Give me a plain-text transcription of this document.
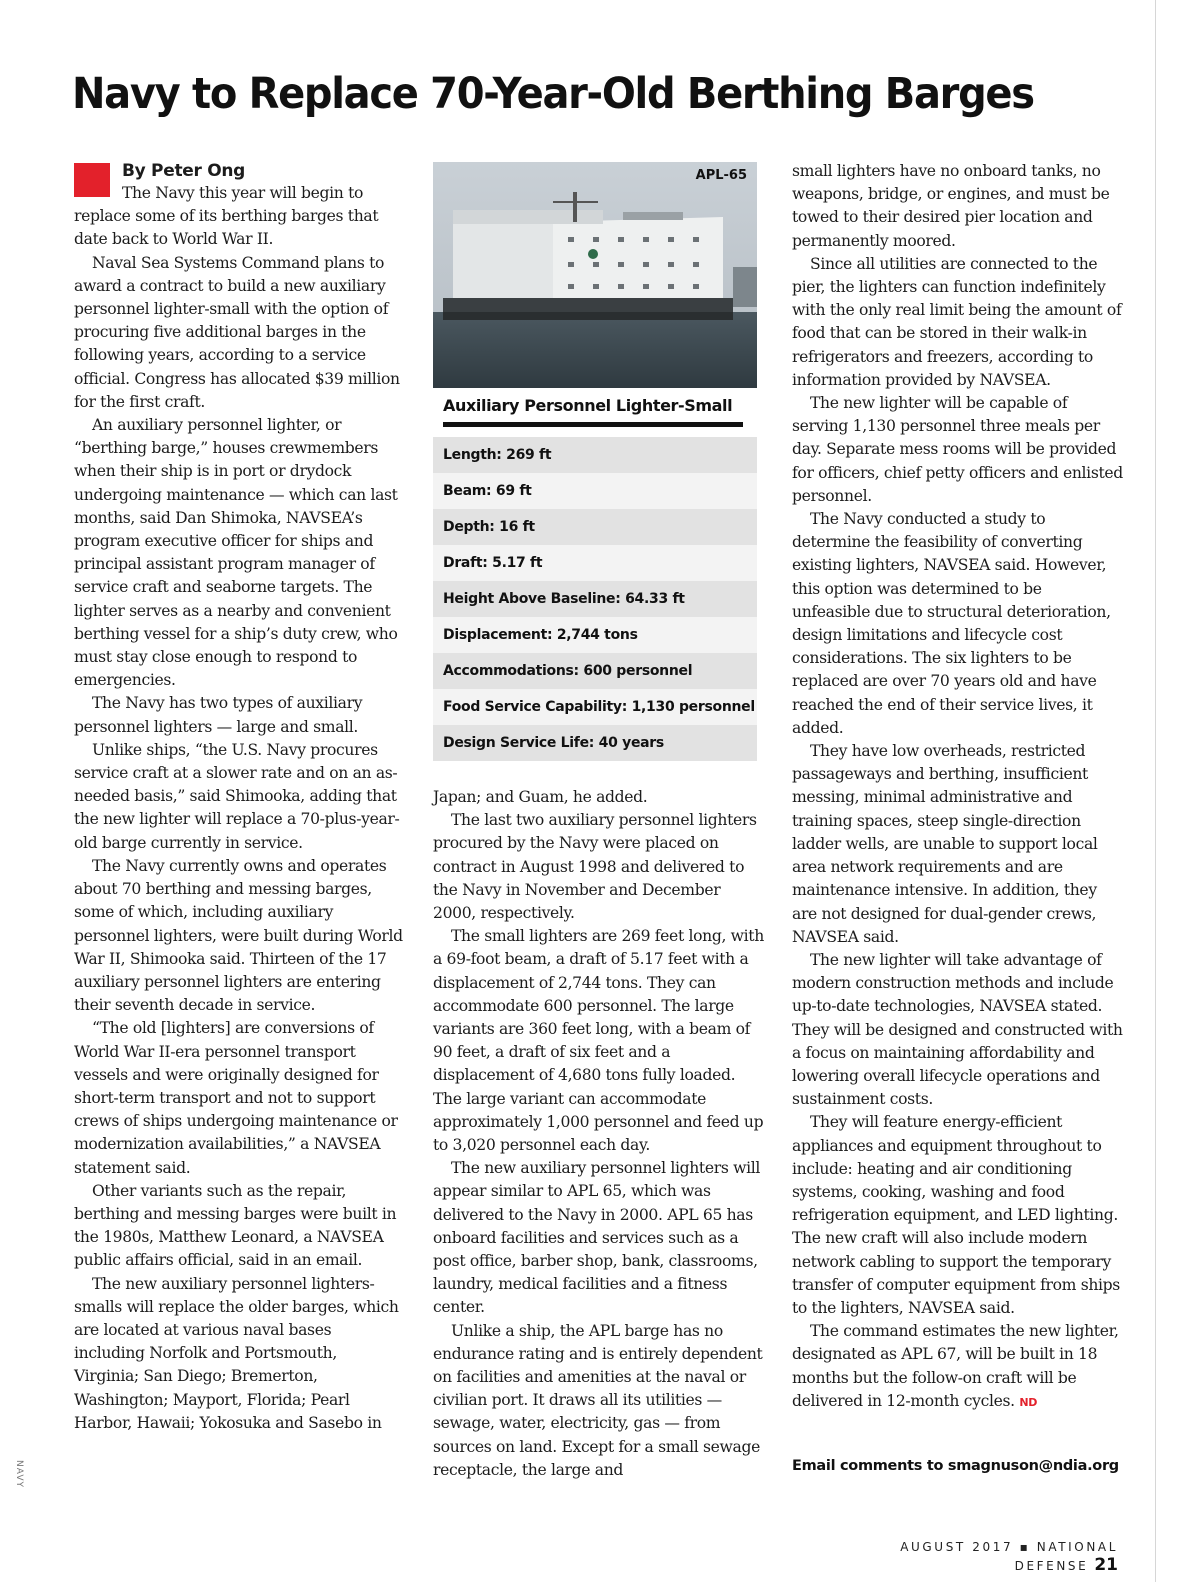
Navy to Replace 70-Year-Old Berthing Barges
By Peter Ong

The Navy this year will begin to replace some of its berthing barges that date back to World War II.

Naval Sea Systems Command plans to award a contract to build a new auxiliary personnel lighter-small with the option of procuring five additional barges in the following years, according to a service official. Congress has allocated $39 million for the first craft.

An auxiliary personnel lighter, or “berthing barge,” houses crewmembers when their ship is in port or drydock undergoing maintenance — which can last months, said Dan Shimoka, NAVSEA’s program executive officer for ships and principal assistant program manager of service craft and seaborne targets. The lighter serves as a nearby and convenient berthing vessel for a ship’s duty crew, who must stay close enough to respond to emergencies.

The Navy has two types of auxiliary personnel lighters — large and small.

Unlike ships, “the U.S. Navy procures service craft at a slower rate and on an as-needed basis,” said Shimooka, adding that the new lighter will replace a 70-plus-year-old barge currently in service.

The Navy currently owns and operates about 70 berthing and messing barges, some of which, including auxiliary personnel lighters, were built during World War II, Shimooka said. Thirteen of the 17 auxiliary personnel lighters are entering their seventh decade in service.

“The old [lighters] are conversions of World War II-era personnel transport vessels and were originally designed for short-term transport and not to support crews of ships undergoing maintenance or modernization availabilities,” a NAVSEA statement said.

Other variants such as the repair, berthing and messing barges were built in the 1980s, Matthew Leonard, a NAVSEA public affairs official, said in an email.

The new auxiliary personnel lighters-smalls will replace the older barges, which are located at various naval bases including Norfolk and Portsmouth, Virginia; San Diego; Bremerton, Washington; Mayport, Florida; Pearl Harbor, Hawaii; Yokosuka and Sasebo in

APL-65
Auxiliary Personnel Lighter-Small
Length: 269 ft
Beam: 69 ft
Depth: 16 ft
Draft: 5.17 ft
Height Above Baseline: 64.33 ft
Displacement: 2,744 tons
Accommodations: 600 personnel
Food Service Capability: 1,130 personnel
Design Service Life: 40 years

Japan; and Guam, he added.

The last two auxiliary personnel lighters procured by the Navy were placed on contract in August 1998 and delivered to the Navy in November and December 2000, respectively.

The small lighters are 269 feet long, with a 69-foot beam, a draft of 5.17 feet with a displacement of 2,744 tons. They can accommodate 600 personnel. The large variants are 360 feet long, with a beam of 90 feet, a draft of six feet and a displacement of 4,680 tons fully loaded. The large variant can accommodate approximately 1,000 personnel and feed up to 3,020 personnel each day.

The new auxiliary personnel lighters will appear similar to APL 65, which was delivered to the Navy in 2000. APL 65 has onboard facilities and services such as a post office, barber shop, bank, classrooms, laundry, medical facilities and a fitness center.

Unlike a ship, the APL barge has no endurance rating and is entirely dependent on facilities and amenities at the naval or civilian port. It draws all its utilities — sewage, water, electricity, gas — from sources on land. Except for a small sewage receptacle, the large and

small lighters have no onboard tanks, no weapons, bridge, or engines, and must be towed to their desired pier location and permanently moored.

Since all utilities are connected to the pier, the lighters can function indefinitely with the only real limit being the amount of food that can be stored in their walk-in refrigerators and freezers, according to information provided by NAVSEA.

The new lighter will be capable of serving 1,130 personnel three meals per day. Separate mess rooms will be provided for officers, chief petty officers and enlisted personnel.

The Navy conducted a study to determine the feasibility of converting existing lighters, NAVSEA said. However, this option was determined to be unfeasible due to structural deterioration, design limitations and lifecycle cost considerations. The six lighters to be replaced are over 70 years old and have reached the end of their service lives, it added.

They have low overheads, restricted passageways and berthing, insufficient messing, minimal administrative and training spaces, steep single-direction ladder wells, are unable to support local area network requirements and are maintenance intensive. In addition, they are not designed for dual-gender crews, NAVSEA said.

The new lighter will take advantage of modern construction methods and include up-to-date technologies, NAVSEA stated. They will be designed and constructed with a focus on maintaining affordability and lowering overall lifecycle operations and sustainment costs.

They will feature energy-efficient appliances and equipment throughout to include: heating and air conditioning systems, cooking, washing and food refrigeration equipment, and LED lighting. The new craft will also include modern network cabling to support the temporary transfer of computer equipment from ships to the lighters, NAVSEA said.

The command estimates the new lighter, designated as APL 67, will be built in 18 months but the follow-on craft will be delivered in 12-month cycles. ND

Email comments to smagnuson@ndia.org
NAVY
AUGUST 2017 ▪ NATIONAL DEFENSE 21
